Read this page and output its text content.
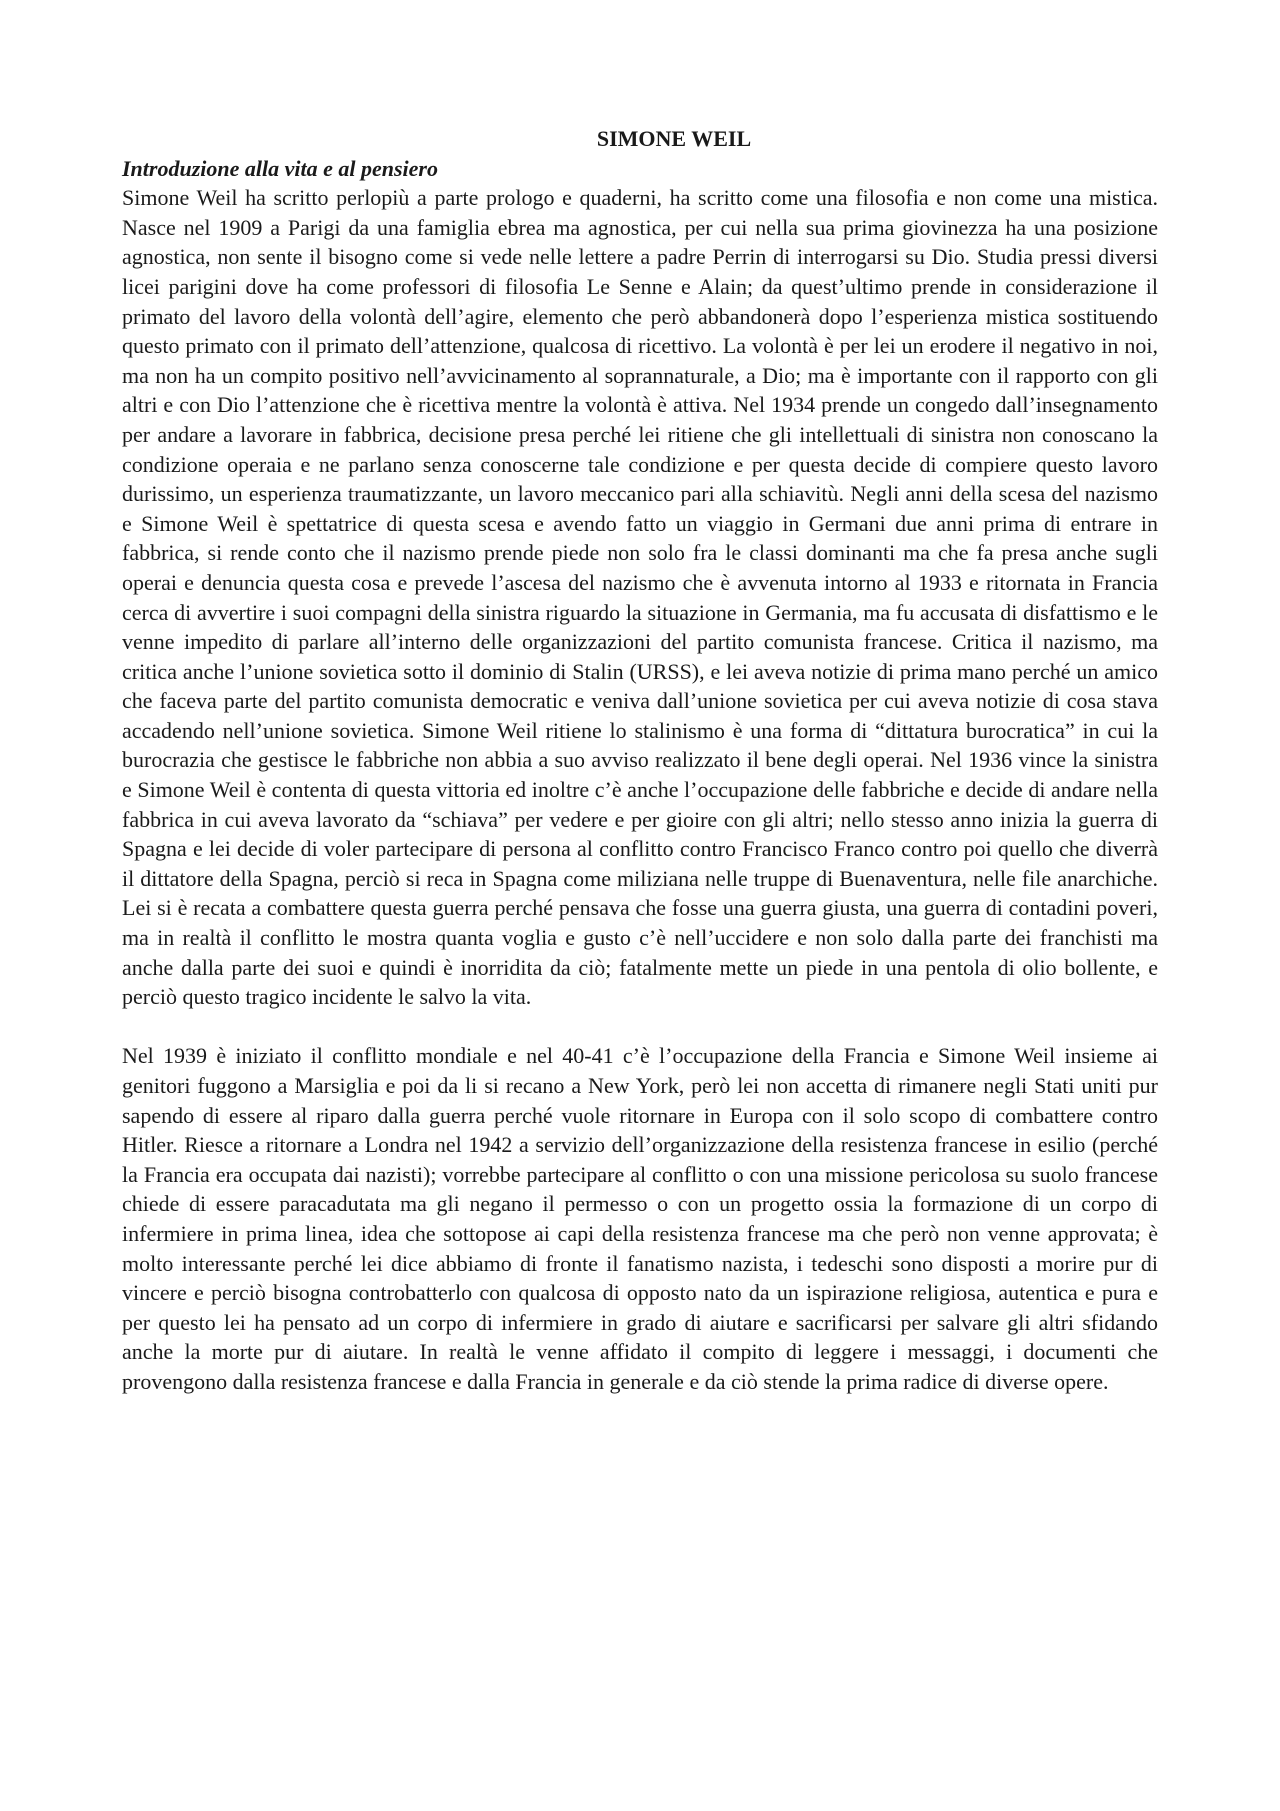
SIMONE WEIL

Introduzione alla vita e al pensiero

Simone Weil ha scritto perlopiù a parte prologo e quaderni, ha scritto come una filosofia e non come una mistica. Nasce nel 1909 a Parigi da una famiglia ebrea ma agnostica, per cui nella sua prima giovinezza ha una posizione agnostica, non sente il bisogno come si vede nelle lettere a padre Perrin di interrogarsi su Dio. Studia pressi diversi licei parigini dove ha come professori di filosofia Le Senne e Alain; da quest’ultimo prende in considerazione il primato del lavoro della volontà dell’agire, elemento che però abbandonerà dopo l’esperienza mistica sostituendo questo primato con il primato dell’attenzione, qualcosa di ricettivo. La volontà è per lei un erodere il negativo in noi, ma non ha un compito positivo nell’avvicinamento al soprannaturale, a Dio; ma è importante con il rapporto con gli altri e con Dio l’attenzione che è ricettiva mentre la volontà è attiva. Nel 1934 prende un congedo dall’insegnamento per andare a lavorare in fabbrica, decisione presa perché lei ritiene che gli intellettuali di sinistra non conoscano la condizione operaia e ne parlano senza conoscerne tale condizione e per questa decide di compiere questo lavoro durissimo, un esperienza traumatizzante, un lavoro meccanico pari alla schiavitù. Negli anni della scesa del nazismo e Simone Weil è spettatrice di questa scesa e avendo fatto un viaggio in Germani due anni prima di entrare in fabbrica, si rende conto che il nazismo prende piede non solo fra le classi dominanti ma che fa presa anche sugli operai e denuncia questa cosa e prevede l’ascesa del nazismo che è avvenuta intorno al 1933 e ritornata in Francia cerca di avvertire i suoi compagni della sinistra riguardo la situazione in Germania, ma fu accusata di disfattismo e le venne impedito di parlare all’interno delle organizzazioni del partito comunista francese. Critica il nazismo, ma critica anche l’unione sovietica sotto il dominio di Stalin (URSS), e lei aveva notizie di prima mano perché un amico che faceva parte del partito comunista democratic e veniva dall’unione sovietica per cui aveva notizie di cosa stava accadendo nell’unione sovietica. Simone Weil ritiene lo stalinismo è una forma di “dittatura burocratica” in cui la burocrazia che gestisce le fabbriche non abbia a suo avviso realizzato il bene degli operai. Nel 1936 vince la sinistra e Simone Weil è contenta di questa vittoria ed inoltre c’è anche l’occupazione delle fabbriche e decide di andare nella fabbrica in cui aveva lavorato da “schiava” per vedere e per gioire con gli altri; nello stesso anno inizia la guerra di Spagna e lei decide di voler partecipare di persona al conflitto contro Francisco Franco contro poi quello che diverrà il dittatore della Spagna, perciò si reca in Spagna come miliziana nelle truppe di Buenaventura, nelle file anarchiche. Lei si è recata a combattere questa guerra perché pensava che fosse una guerra giusta, una guerra di contadini poveri, ma in realtà il conflitto le mostra quanta voglia e gusto c’è nell’uccidere e non solo dalla parte dei franchisti ma anche dalla parte dei suoi e quindi è inorridita da ciò; fatalmente mette un piede in una pentola di olio bollente, e perciò questo tragico incidente le salvo la vita.

Nel 1939 è iniziato il conflitto mondiale e nel 40-41 c’è l’occupazione della Francia e Simone Weil insieme ai genitori fuggono a Marsiglia e poi da li si recano a New York, però lei non accetta di rimanere negli Stati uniti pur sapendo di essere al riparo dalla guerra perché vuole ritornare in Europa con il solo scopo di combattere contro Hitler. Riesce a ritornare a Londra nel 1942 a servizio dell’organizzazione della resistenza francese in esilio (perché la Francia era occupata dai nazisti); vorrebbe partecipare al conflitto o con una missione pericolosa su suolo francese chiede di essere paracadutata ma gli negano il permesso o con un progetto ossia la formazione di un corpo di infermiere in prima linea, idea che sottopose ai capi della resistenza francese ma che però non venne approvata; è molto interessante perché lei dice abbiamo di fronte il fanatismo nazista, i tedeschi sono disposti a morire pur di vincere e perciò bisogna controbatterlo con qualcosa di opposto nato da un ispirazione religiosa, autentica e pura e per questo lei ha pensato ad un corpo di infermiere in grado di aiutare e sacrificarsi per salvare gli altri sfidando anche la morte pur di aiutare. In realtà le venne affidato il compito di leggere i messaggi, i documenti che provengono dalla resistenza francese e dalla Francia in generale e da ciò stende la prima radice di diverse opere.
